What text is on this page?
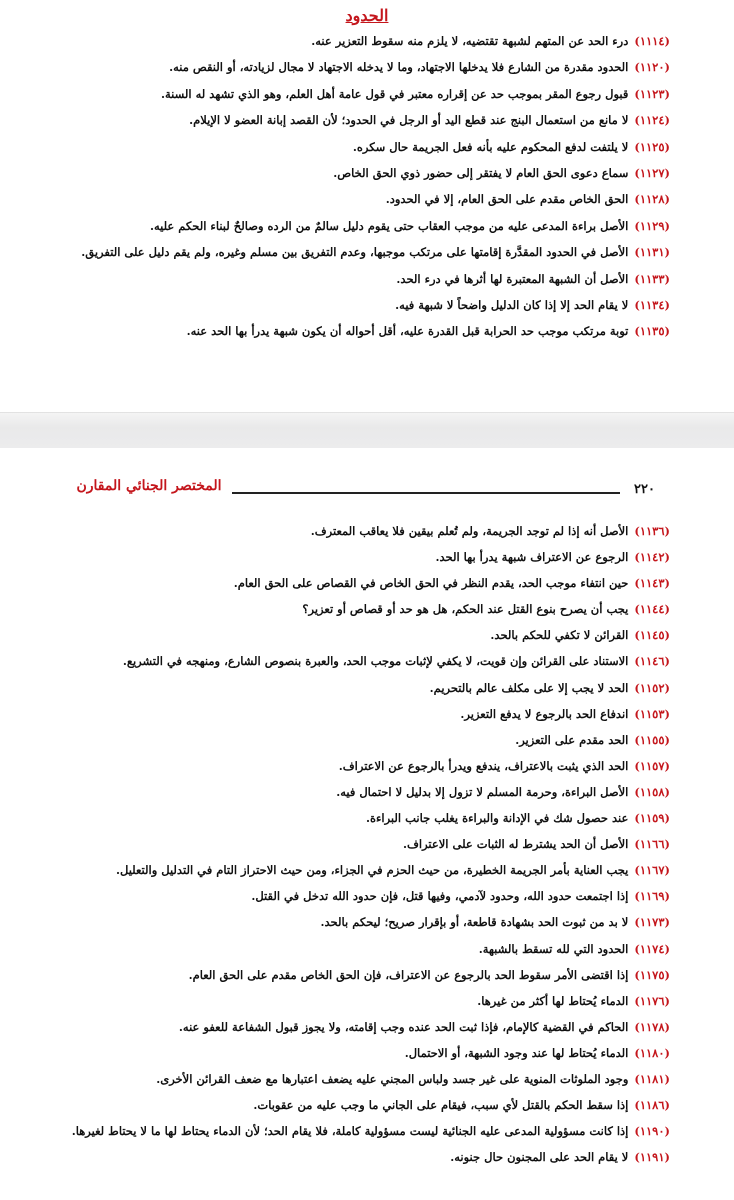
الحدود
(١١١٤)درء الحد عن المتهم لشبهة تقتضيه، لا يلزم منه سقوط التعزير عنه.
(١١٢٠)الحدود مقدرة من الشارع فلا يدخلها الاجتهاد، وما لا يدخله الاجتهاد لا مجال لزيادته، أو النقص منه.
(١١٢٣)قبول رجوع المقر بموجب حد عن إقراره معتبر في قول عامة أهل العلم، وهو الذي تشهد له السنة.
(١١٢٤)لا مانع من استعمال البنج عند قطع اليد أو الرجل في الحدود؛ لأن القصد إبانة العضو لا الإيلام.
(١١٢٥)لا يلتفت لدفع المحكوم عليه بأنه فعل الجريمة حال سكره.
(١١٢٧)سماع دعوى الحق العام لا يفتقر إلى حضور ذوي الحق الخاص.
(١١٢٨)الحق الخاص مقدم على الحق العام، إلا في الحدود.
(١١٢٩)الأصل براءة المدعى عليه من موجب العقاب حتى يقوم دليل سالمٌ من الرده وصالحٌ لبناء الحكم عليه.
(١١٣١)الأصل في الحدود المقدَّرة إقامتها على مرتكب موجبها، وعدم التفريق بين مسلم وغيره، ولم يقم دليل على التفريق.
(١١٣٣)الأصل أن الشبهة المعتبرة لها أثرها في درء الحد.
(١١٣٤)لا يقام الحد إلا إذا كان الدليل واضحاً لا شبهة فيه.
(١١٣٥)توبة مرتكب موجب حد الحرابة قبل القدرة عليه، أقل أحواله أن يكون شبهة يدرأ بها الحد عنه.
٢٢٠
المختصر الجنائي المقارن
(١١٣٦)الأصل أنه إذا لم توجد الجريمة، ولم تُعلم بيقين فلا يعاقب المعترف.
(١١٤٢)الرجوع عن الاعتراف شبهة يدرأ بها الحد.
(١١٤٣)حين انتفاء موجب الحد، يقدم النظر في الحق الخاص في القصاص على الحق العام.
(١١٤٤)يجب أن يصرح بنوع القتل عند الحكم، هل هو حد أو قصاص أو تعزير؟
(١١٤٥)القرائن لا تكفي للحكم بالحد.
(١١٤٦)الاستناد على القرائن وإن قويت، لا يكفي لإثبات موجب الحد، والعبرة بنصوص الشارع، ومنهجه في التشريع.
(١١٥٢)الحد لا يجب إلا على مكلف عالم بالتحريم.
(١١٥٣)اندفاع الحد بالرجوع لا يدفع التعزير.
(١١٥٥)الحد مقدم على التعزير.
(١١٥٧)الحد الذي يثبت بالاعتراف، يندفع ويدرأ بالرجوع عن الاعتراف.
(١١٥٨)الأصل البراءة، وحرمة المسلم لا تزول إلا بدليل لا احتمال فيه.
(١١٥٩)عند حصول شك في الإدانة والبراءة يغلب جانب البراءة.
(١١٦٦)الأصل أن الحد يشترط له الثبات على الاعتراف.
(١١٦٧)يجب العناية بأمر الجريمة الخطيرة، من حيث الحزم في الجزاء، ومن حيث الاحتراز التام في التدليل والتعليل.
(١١٦٩)إذا اجتمعت حدود الله، وحدود لآدمي، وفيها قتل، فإن حدود الله تدخل في القتل.
(١١٧٣)لا بد من ثبوت الحد بشهادة قاطعة، أو بإقرار صريح؛ ليحكم بالحد.
(١١٧٤)الحدود التي لله تسقط بالشبهة.
(١١٧٥)إذا اقتضى الأمر سقوط الحد بالرجوع عن الاعتراف، فإن الحق الخاص مقدم على الحق العام.
(١١٧٦)الدماء يُحتاط لها أكثر من غيرها.
(١١٧٨)الحاكم في القضية كالإمام، فإذا ثبت الحد عنده وجب إقامته، ولا يجوز قبول الشفاعة للعفو عنه.
(١١٨٠)الدماء يُحتاط لها عند وجود الشبهة، أو الاحتمال.
(١١٨١)وجود الملوثات المنوية على غير جسد ولباس المجني عليه يضعف اعتبارها مع ضعف القرائن الأخرى.
(١١٨٦)إذا سقط الحكم بالقتل لأي سبب، فيقام على الجاني ما وجب عليه من عقوبات.
(١١٩٠)إذا كانت مسؤولية المدعى عليه الجنائية ليست مسؤولية كاملة، فلا يقام الحد؛ لأن الدماء يحتاط لها ما لا يحتاط لغيرها.
(١١٩١)لا يقام الحد على المجنون حال جنونه.
